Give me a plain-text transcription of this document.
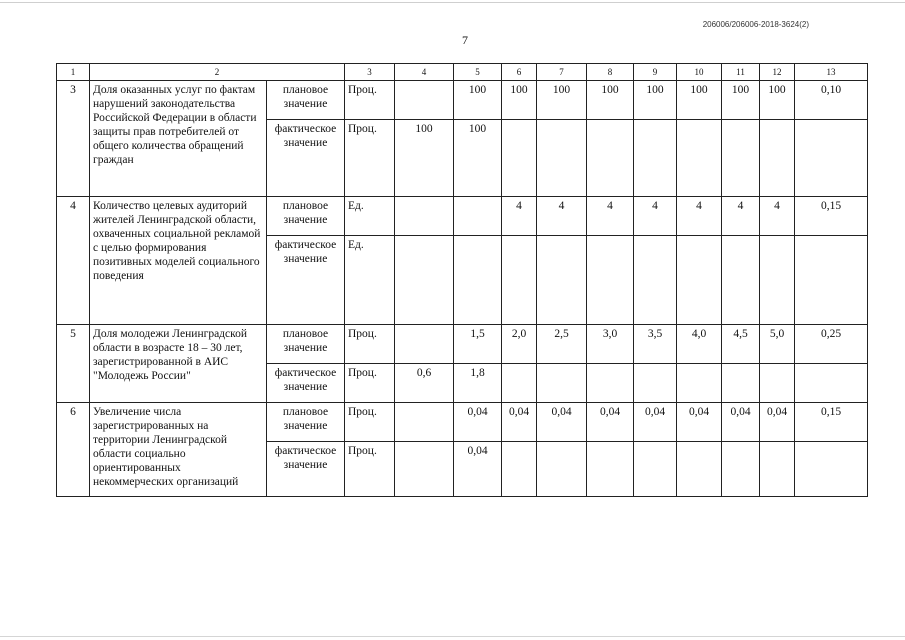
206006/206006-2018-3624(2)
7
1	2		3	4	5	6	7	8	9	10	11	12	13
3	Доля оказанных услуг по фактам нарушений законодательства Российской Федерации в области защиты прав потребителей от общего количества обращений граждан	плановое значение	Проц.		100	100	100	100	100	100	100	100	0,10
		фактическое значение	Проц.	100	100								
4	Количество целевых аудиторий жителей Ленинградской области, охваченных социальной рекламой с целью формирования позитивных моделей социального поведения	плановое значение	Ед.			4	4	4	4	4	4	4	0,15
		фактическое значение	Ед.										
5	Доля молодежи Ленинградской области в возрасте 18 – 30 лет, зарегистрированной в АИС "Молодежь России"	плановое значение	Проц.		1,5	2,0	2,5	3,0	3,5	4,0	4,5	5,0	0,25
		фактическое значение	Проц.	0,6	1,8								
6	Увеличение числа зарегистрированных на территории Ленинградской области социально ориентированных некоммерческих организаций	плановое значение	Проц.		0,04	0,04	0,04	0,04	0,04	0,04	0,04	0,04	0,15
		фактическое значение	Проц.		0,04								
